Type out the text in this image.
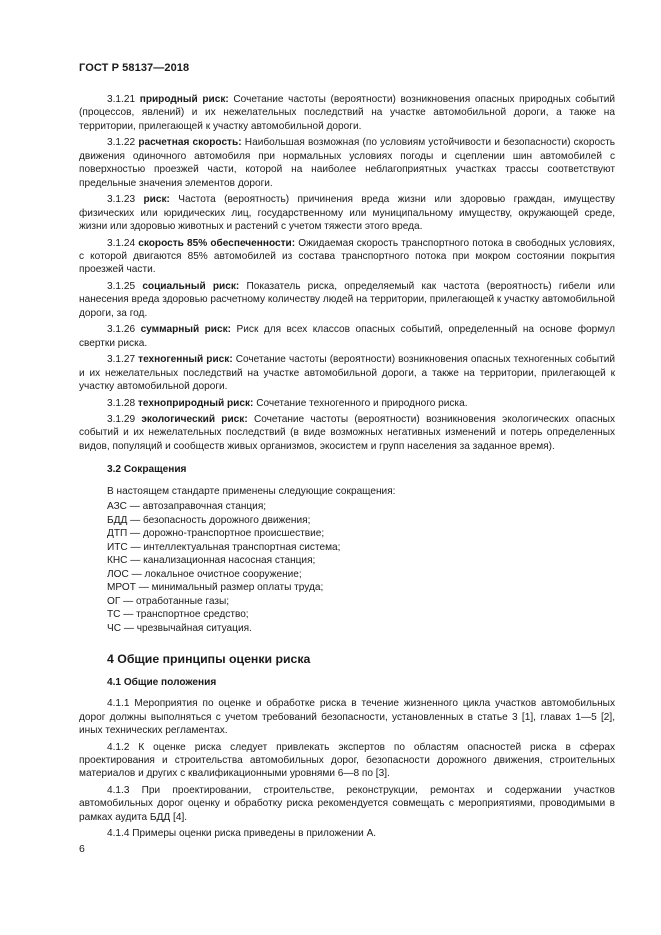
ГОСТ Р 58137—2018

3.1.21 природный риск: Сочетание частоты (вероятности) возникновения опасных природных событий (процессов, явлений) и их нежелательных последствий на участке автомобильной дороги, а также на территории, прилегающей к участку автомобильной дороги.

3.1.22 расчетная скорость: Наибольшая возможная (по условиям устойчивости и безопасности) скорость движения одиночного автомобиля при нормальных условиях погоды и сцеплении шин автомобилей с поверхностью проезжей части, которой на наиболее неблагоприятных участках трассы соответствуют предельные значения элементов дороги.

3.1.23 риск: Частота (вероятность) причинения вреда жизни или здоровью граждан, имуществу физических или юридических лиц, государственному или муниципальному имуществу, окружающей среде, жизни или здоровью животных и растений с учетом тяжести этого вреда.

3.1.24 скорость 85% обеспеченности: Ожидаемая скорость транспортного потока в свободных условиях, с которой двигаются 85% автомобилей из состава транспортного потока при мокром состоянии покрытия проезжей части.

3.1.25 социальный риск: Показатель риска, определяемый как частота (вероятность) гибели или нанесения вреда здоровью расчетному количеству людей на территории, прилегающей к участку автомобильной дороги, за год.

3.1.26 суммарный риск: Риск для всех классов опасных событий, определенный на основе формул свертки риска.

3.1.27 техногенный риск: Сочетание частоты (вероятности) возникновения опасных техногенных событий и их нежелательных последствий на участке автомобильной дороги, а также на территории, прилегающей к участку автомобильной дороги.

3.1.28 техноприродный риск: Сочетание техногенного и природного риска.

3.1.29 экологический риск: Сочетание частоты (вероятности) возникновения экологических опасных событий и их нежелательных последствий (в виде возможных негативных изменений и потерь определенных видов, популяций и сообществ живых организмов, экосистем и групп населения за заданное время).

3.2 Сокращения
В настоящем стандарте применены следующие сокращения:
АЗС — автозаправочная станция;
БДД — безопасность дорожного движения;
ДТП — дорожно-транспортное происшествие;
ИТС — интеллектуальная транспортная система;
КНС — канализационная насосная станция;
ЛОС — локальное очистное сооружение;
МРОТ — минимальный размер оплаты труда;
ОГ — отработанные газы;
ТС — транспортное средство;
ЧС — чрезвычайная ситуация.
4 Общие принципы оценки риска
4.1 Общие положения

4.1.1 Мероприятия по оценке и обработке риска в течение жизненного цикла участков автомобильных дорог должны выполняться с учетом требований безопасности, установленных в статье 3 [1], главах 1—5 [2], иных технических регламентах.

4.1.2 К оценке риска следует привлекать экспертов по областям опасностей риска в сферах проектирования и строительства автомобильных дорог, безопасности дорожного движения, строительных материалов и других с квалификационными уровнями 6—8 по [3].

4.1.3 При проектировании, строительстве, реконструкции, ремонтах и содержании участков автомобильных дорог оценку и обработку риска рекомендуется совмещать с мероприятиями, проводимыми в рамках аудита БДД [4].

4.1.4 Примеры оценки риска приведены в приложении А.

6
